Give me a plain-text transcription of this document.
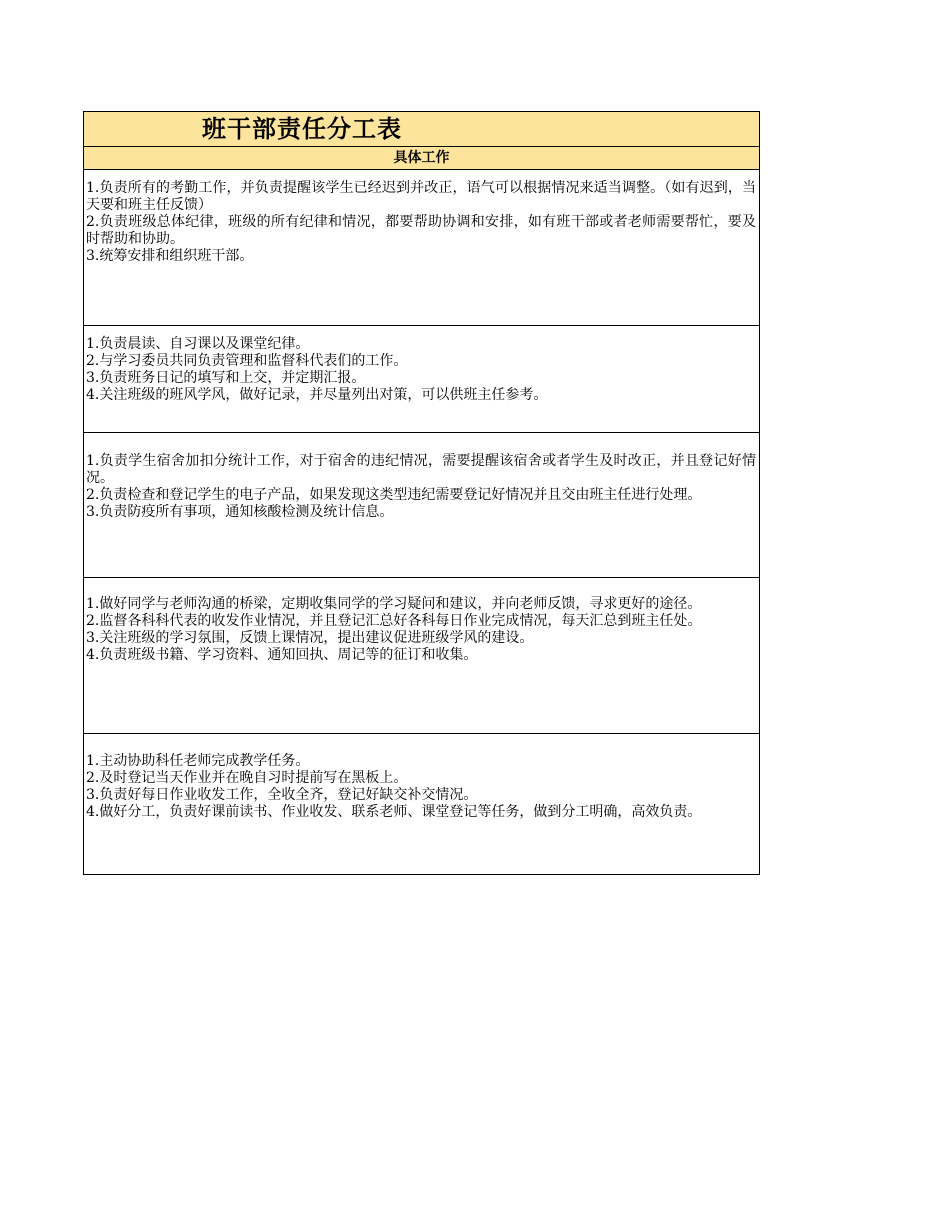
班干部责任分工表
具体工作
1.负责所有的考勤工作，并负责提醒该学生已经迟到并改正，语气可以根据情况来适当调整。（如有迟到，当天要和班主任反馈）
2.负责班级总体纪律，班级的所有纪律和情况，都要帮助协调和安排，如有班干部或者老师需要帮忙，要及时帮助和协助。
3.统筹安排和组织班干部。
1.负责晨读、自习课以及课堂纪律。
2.与学习委员共同负责管理和监督科代表们的工作。
3.负责班务日记的填写和上交，并定期汇报。
4.关注班级的班风学风，做好记录，并尽量列出对策，可以供班主任参考。
1.负责学生宿舍加扣分统计工作，对于宿舍的违纪情况，需要提醒该宿舍或者学生及时改正，并且登记好情况。
2.负责检查和登记学生的电子产品，如果发现这类型违纪需要登记好情况并且交由班主任进行处理。
3.负责防疫所有事项，通知核酸检测及统计信息。
1.做好同学与老师沟通的桥梁，定期收集同学的学习疑问和建议，并向老师反馈，寻求更好的途径。
2.监督各科科代表的收发作业情况，并且登记汇总好各科每日作业完成情况，每天汇总到班主任处。
3.关注班级的学习氛围，反馈上课情况，提出建议促进班级学风的建设。
4.负责班级书籍、学习资料、通知回执、周记等的征订和收集。
1.主动协助科任老师完成教学任务。
2.及时登记当天作业并在晚自习时提前写在黑板上。
3.负责好每日作业收发工作，全收全齐，登记好缺交补交情况。
4.做好分工，负责好课前读书、作业收发、联系老师、课堂登记等任务，做到分工明确，高效负责。
